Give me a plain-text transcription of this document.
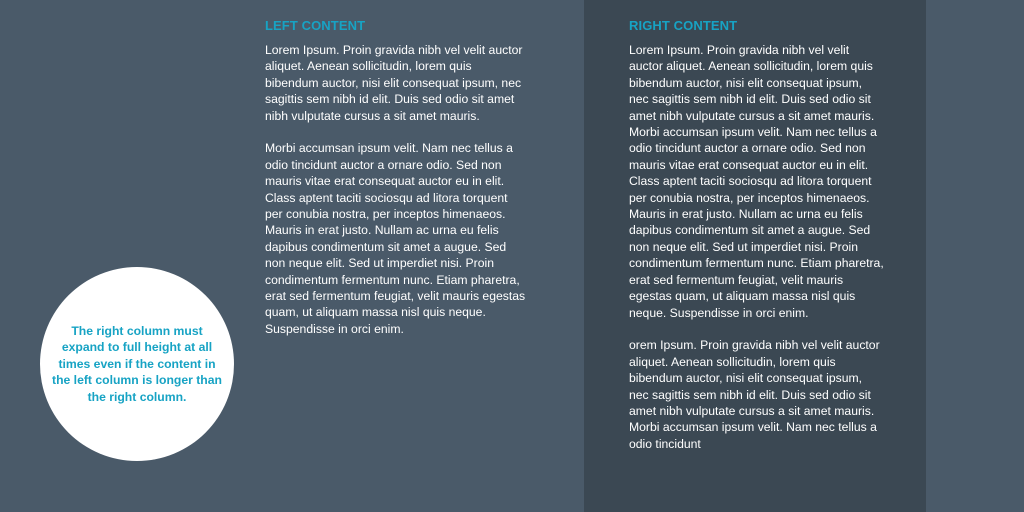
LEFT CONTENT

Lorem Ipsum. Proin gravida nibh vel velit auctor aliquet. Aenean sollicitudin, lorem quis bibendum auctor, nisi elit consequat ipsum, nec sagittis sem nibh id elit. Duis sed odio sit amet nibh vulputate cursus a sit amet mauris.

Morbi accumsan ipsum velit. Nam nec tellus a odio tincidunt auctor a ornare odio. Sed non mauris vitae erat consequat auctor eu in elit. Class aptent taciti sociosqu ad litora torquent per conubia nostra, per inceptos himenaeos. Mauris in erat justo. Nullam ac urna eu felis dapibus condimentum sit amet a augue. Sed non neque elit. Sed ut imperdiet nisi. Proin condimentum fermentum nunc. Etiam pharetra, erat sed fermentum feugiat, velit mauris egestas quam, ut aliquam massa nisl quis neque. Suspendisse in orci enim.

RIGHT CONTENT

Lorem Ipsum. Proin gravida nibh vel velit auctor aliquet. Aenean sollicitudin, lorem quis bibendum auctor, nisi elit consequat ipsum, nec sagittis sem nibh id elit. Duis sed odio sit amet nibh vulputate cursus a sit amet mauris. Morbi accumsan ipsum velit. Nam nec tellus a odio tincidunt auctor a ornare odio. Sed non mauris vitae erat consequat auctor eu in elit. Class aptent taciti sociosqu ad litora torquent per conubia nostra, per inceptos himenaeos. Mauris in erat justo. Nullam ac urna eu felis dapibus condimentum sit amet a augue. Sed non neque elit. Sed ut imperdiet nisi. Proin condimentum fermentum nunc. Etiam pharetra, erat sed fermentum feugiat, velit mauris egestas quam, ut aliquam massa nisl quis neque. Suspendisse in orci enim.

orem Ipsum. Proin gravida nibh vel velit auctor aliquet. Aenean sollicitudin, lorem quis bibendum auctor, nisi elit consequat ipsum, nec sagittis sem nibh id elit. Duis sed odio sit amet nibh vulputate cursus a sit amet mauris. Morbi accumsan ipsum velit. Nam nec tellus a odio tincidunt

The right column must expand to full height at all times even if the content in the left column is longer than the right column.
